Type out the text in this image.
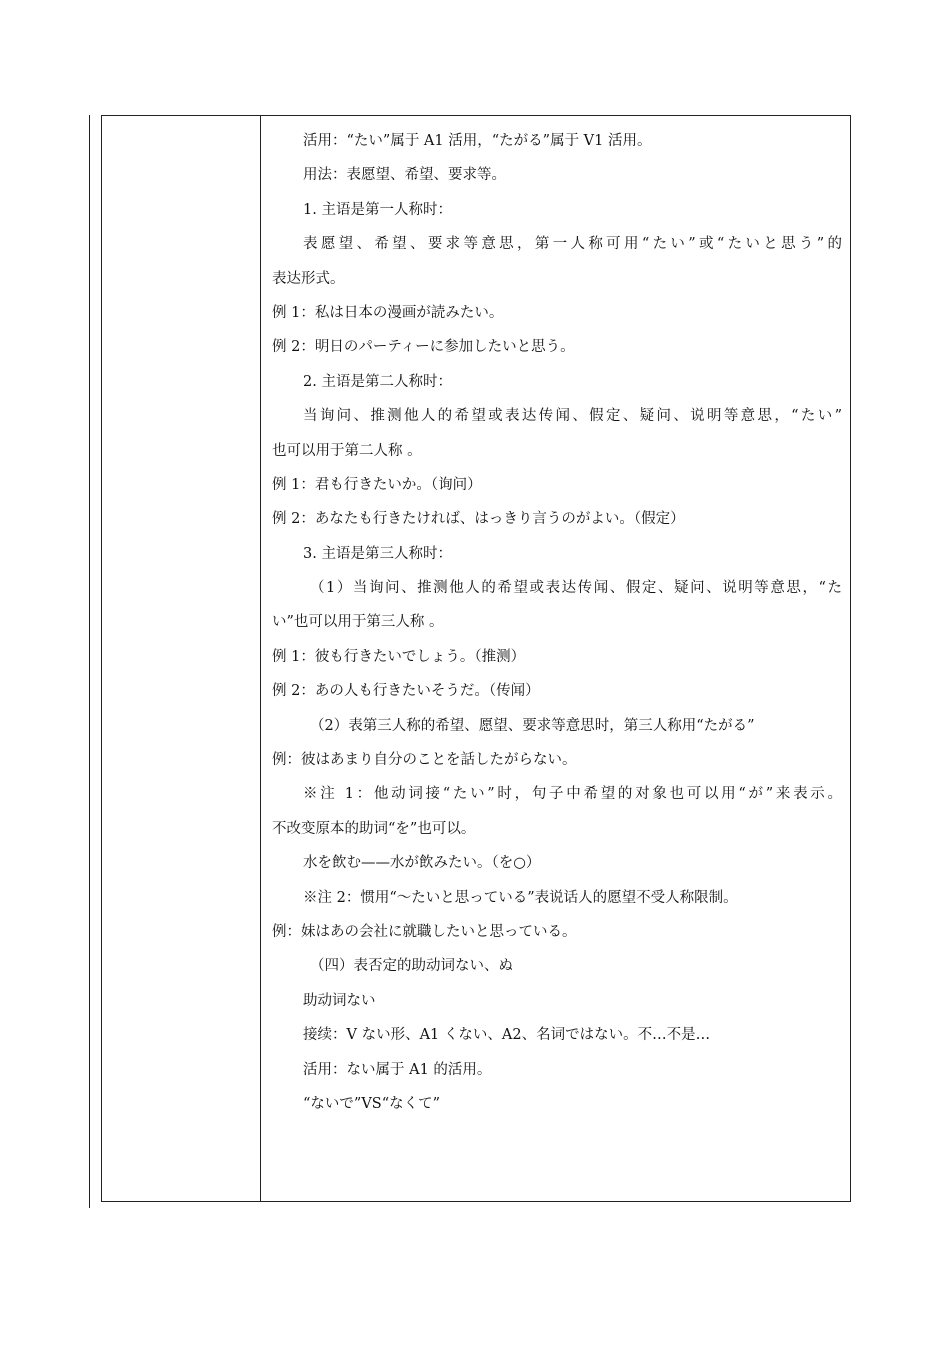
活用：“たい”属于 A1 活用，“たがる”属于 V1 活用。
用法：表愿望、希望、要求等。
1. 主语是第一人称时：
表愿望、希望、要求等意思，第一人称可用“たい”或“たいと思う”的
表达形式。
例 1：私は日本の漫画が読みたい。
例 2：明日のパーティーに参加したいと思う。
2. 主语是第二人称时：
当询问、推测他人的希望或表达传闻、假定、疑问、说明等意思，“たい”
也可以用于第二人称 。
例 1：君も行きたいか。（询问）
例 2：あなたも行きたければ、はっきり言うのがよい。（假定）
3. 主语是第三人称时：
（1）当询问、推测他人的希望或表达传闻、假定、疑问、说明等意思，“た
い”也可以用于第三人称 。
例 1：彼も行きたいでしょう。（推测）
例 2：あの人も行きたいそうだ。（传闻）
（2）表第三人称的希望、愿望、要求等意思时，第三人称用“たがる”
例：彼はあまり自分のことを話したがらない。
※注 1：他动词接“たい”时，句子中希望的对象也可以用“が”来表示。
不改变原本的助词“を”也可以。
水を飲む——水が飲みたい。（を○）
※注 2：惯用“～たいと思っている”表说话人的愿望不受人称限制。
例：妹はあの会社に就職したいと思っている。
（四）表否定的助动词ない、ぬ
助动词ない
接续：V ない形、A1 くない、A2、名词ではない。不…不是…
活用：ない属于 A1 的活用。
“ないで”VS“なくて”
